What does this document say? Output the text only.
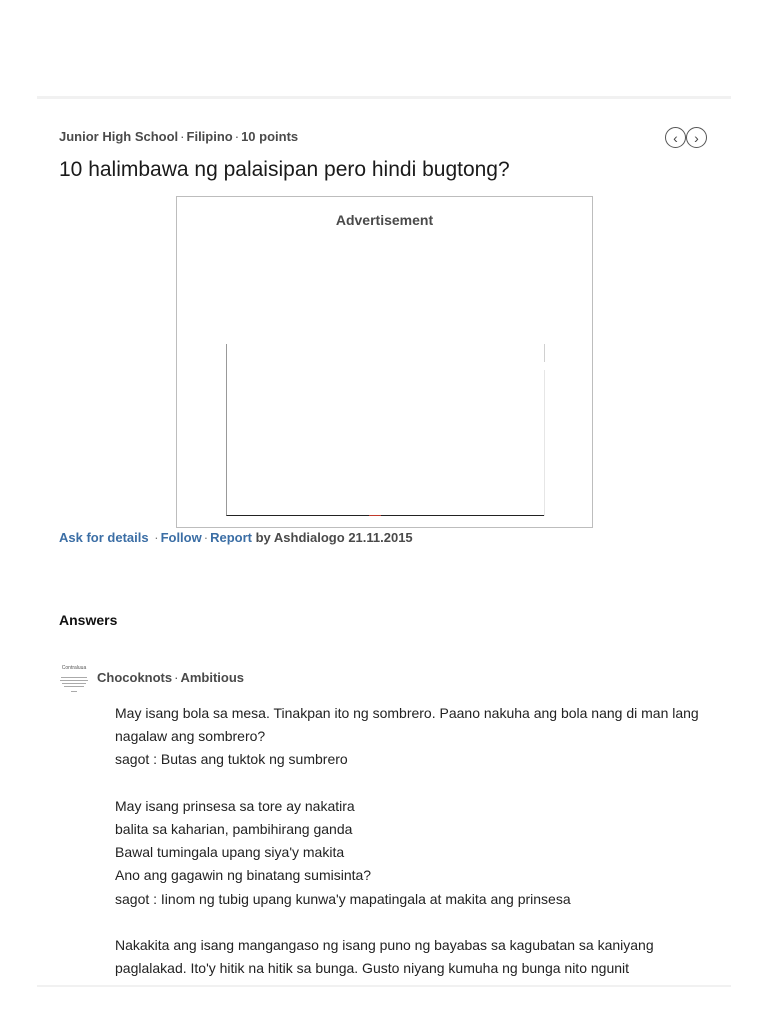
Junior High School · Filipino · 10 points	‹ ›
10 halimbawa ng palaisipan pero hindi bugtong?
Advertisement
Ask for details · Follow · Report by Ashdialogo 21.11.2015
Answers
Contraluua
Chocoknots · Ambitious

May isang bola sa mesa. Tinakpan ito ng sombrero. Paano nakuha ang bola nang di man lang nagalaw ang sombrero?

sagot : Butas ang tuktok ng sumbrero

May isang prinsesa sa tore ay nakatira

balita sa kaharian, pambihirang ganda

Bawal tumingala upang siya'y makita

Ano ang gagawin ng binatang sumisinta?

sagot : Iinom ng tubig upang kunwa'y mapatingala at makita ang prinsesa

Nakakita ang isang mangangaso ng isang puno ng bayabas sa kagubatan sa kaniyang paglalakad. Ito'y hitik na hitik sa bunga. Gusto niyang kumuha ng bunga nito ngunit
